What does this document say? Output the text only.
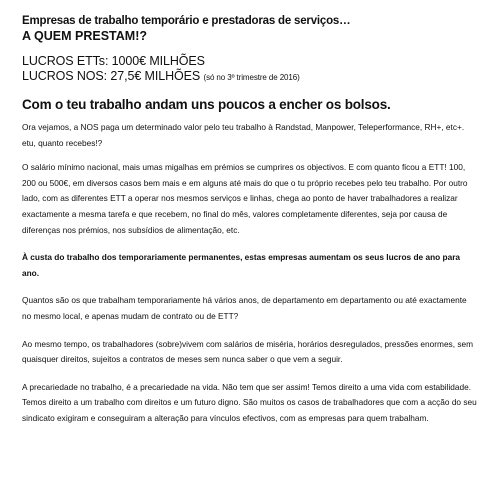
Empresas de trabalho temporário e prestadoras de serviços…
A QUEM PRESTAM!?
LUCROS ETTs: 1000€ MILHÕES
LUCROS NOS: 27,5€ MILHÕES (só no 3º trimestre de 2016)
Com o teu trabalho andam uns poucos a encher os bolsos.

Ora vejamos, a NOS paga um determinado valor pelo teu trabalho à Randstad, Manpower, Teleperformance, RH+, etc+. etu, quanto recebes!?

O salário mínimo nacional, mais umas migalhas em prémios se cumprires os objectivos. E com quanto ficou a ETT! 100, 200 ou 500€, em diversos casos bem mais e em alguns até mais do que o tu próprio recebes pelo teu trabalho. Por outro lado, com as diferentes ETT a operar nos mesmos serviços e linhas, chega ao ponto de haver trabalhadores a realizar exactamente a mesma tarefa e que recebem, no final do mês, valores completamente diferentes, seja por causa de diferenças nos prémios, nos subsídios de alimentação, etc.

À custa do trabalho dos temporariamente permanentes, estas empresas aumentam os seus lucros de ano para ano.

Quantos são os que trabalham temporariamente há vários anos, de departamento em departamento ou até exactamente no mesmo local, e apenas mudam de contrato ou de ETT?

Ao mesmo tempo, os trabalhadores (sobre)vivem com salários de miséria, horários desregulados, pressões enormes, sem quaisquer direitos, sujeitos a contratos de meses sem nunca saber o que vem a seguir.

A precariedade no trabalho, é a precariedade na vida. Não tem que ser assim! Temos direito a uma vida com estabilidade. Temos direito a um trabalho com direitos e um futuro digno. São muitos os casos de trabalhadores que com a acção do seu sindicato exigiram e conseguiram a alteração para vínculos efectivos, com as empresas para quem trabalham.
